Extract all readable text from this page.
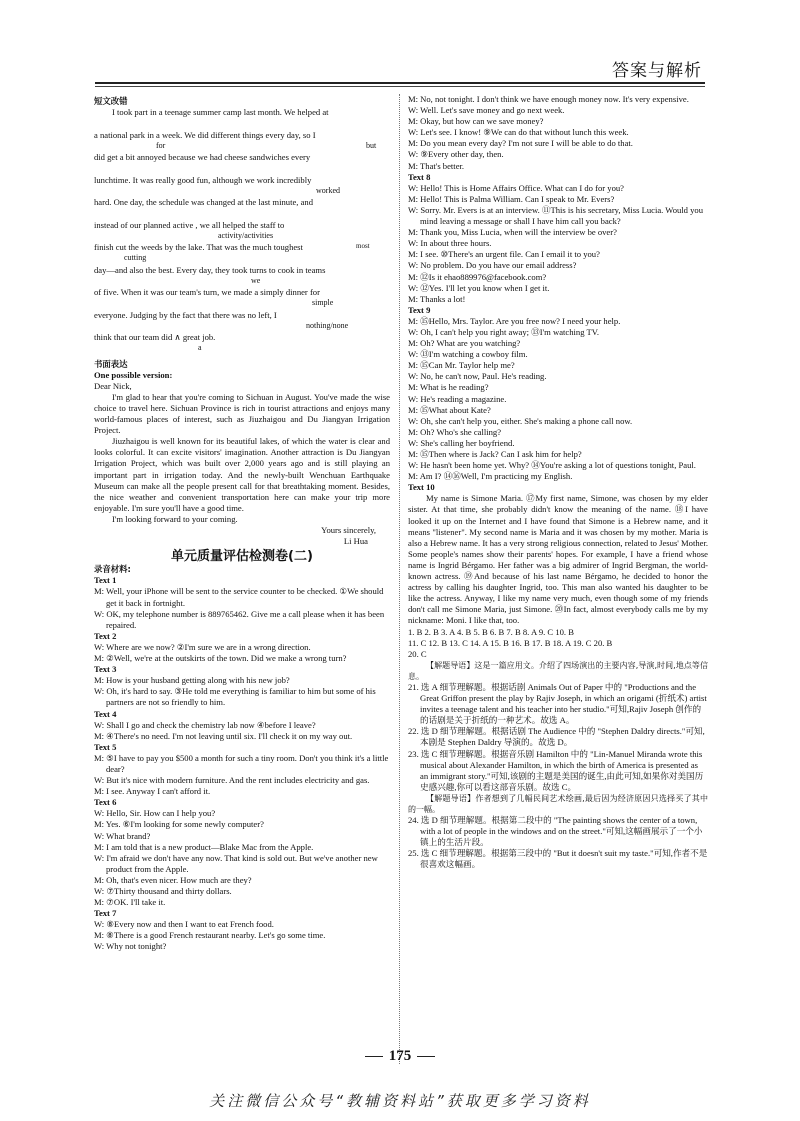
答案与解析
短文改错
I took part in a teenage summer camp last month. We helped at
a national park in a week. We did different things every day, so I
for	but
did get a bit annoyed because we had cheese sandwiches every
lunchtime. It was really good fun, although we work incredibly
worked
hard. One day, the schedule was changed at the last minute, and
instead of our planned active , we all helped the staff to
activity/activities
finish cut the weeds by the lake. That was the much toughest
cutting
most
day—and also the best. Every day, they took turns to cook in teams
we
of five. When it was our team's turn, we made a simply dinner for
simple
everyone. Judging by the fact that there was no left, I
nothing/none
think that our team did ∧ great job.
a
书面表达
One possible version:
Dear Nick,
I'm glad to hear that you're coming to Sichuan in August. You've made the wise choice to travel here. Sichuan Province is rich in tourist attractions and enjoys many world-famous places of interest, such as Jiuzhaigou and Du Jiangyan Irrigation Project.
Jiuzhaigou is well known for its beautiful lakes, of which the water is clear and looks colorful. It can excite visitors' imagination. Another attraction is Du Jiangyan Irrigation Project, which was built over 2,000 years ago and is still playing an important part in irrigation today. And the newly-built Wenchuan Earthquake Museum can make all the people present call for that breathtaking moment. Besides, the nice weather and convenient transportation here can make your trip more enjoyable. I'm sure you'll have a good time.
I'm looking forward to your coming.
Yours sincerely,
Li Hua
单元质量评估检测卷(二)
录音材料:
Text 1
M: Well, your iPhone will be sent to the service counter to be checked. ①We should get it back in fortnight.
W: OK, my telephone number is 889765462. Give me a call please when it has been repaired.
Text 2
W: Where are we now? ②I'm sure we are in a wrong direction.
M: ②Well, we're at the outskirts of the town. Did we make a wrong turn?
Text 3
M: How is your husband getting along with his new job?
W: Oh, it's hard to say. ③He told me everything is familiar to him but some of his partners are not so friendly to him.
Text 4
W: Shall I go and check the chemistry lab now ④before I leave?
M: ④There's no need. I'm not leaving until six. I'll check it on my way out.
Text 5
M: ⑤I have to pay you $500 a month for such a tiny room. Don't you think it's a little dear?
W: But it's nice with modern furniture. And the rent includes electricity and gas.
M: I see. Anyway I can't afford it.
Text 6
W: Hello, Sir. How can I help you?
M: Yes. ⑥I'm looking for some newly computer?
W: What brand?
M: I am told that is a new product—Blake Mac from the Apple.
W: I'm afraid we don't have any now. That kind is sold out. But we've another new product from the Apple.
M: Oh, that's even nicer. How much are they?
W: ⑦Thirty thousand and thirty dollars.
M: ⑦OK. I'll take it.
Text 7
W: ⑧Every now and then I want to eat French food.
M: ⑧There is a good French restaurant nearby. Let's go some time.
W: Why not tonight?
M: No, not tonight. I don't think we have enough money now. It's very expensive.
W: Well. Let's save money and go next week.
M: Okay, but how can we save money?
W: Let's see. I know! ⑨We can do that without lunch this week.
M: Do you mean every day? I'm not sure I will be able to do that.
W: ⑨Every other day, then.
M: That's better.
Text 8
W: Hello! This is Home Affairs Office. What can I do for you?
M: Hello! This is Palma William. Can I speak to Mr. Evers?
W: Sorry. Mr. Evers is at an interview. ⑪This is his secretary, Miss Lucia. Would you mind leaving a message or shall I have him call you back?
M: Thank you, Miss Lucia, when will the interview be over?
W: In about three hours.
M: I see. ⑩There's an urgent file. Can I email it to you?
W: No problem. Do you have our email address?
M: ⑫Is it ehao889976@facebook.com?
W: ⑫Yes. I'll let you know when I get it.
M: Thanks a lot!
Text 9
M: ⑮Hello, Mrs. Taylor. Are you free now? I need your help.
W: Oh, I can't help you right away; ⑬I'm watching TV.
M: Oh? What are you watching?
W: ⑬I'm watching a cowboy film.
M: ⑮Can Mr. Taylor help me?
W: No, he can't now, Paul. He's reading.
M: What is he reading?
W: He's reading a magazine.
M: ⑮What about Kate?
W: Oh, she can't help you, either. She's making a phone call now.
M: Oh? Who's she calling?
W: She's calling her boyfriend.
M: ⑮Then where is Jack? Can I ask him for help?
W: He hasn't been home yet. Why? ⑭You're asking a lot of questions tonight, Paul.
M: Am I? ⑭⑯Well, I'm practicing my English.
Text 10
My name is Simone Maria. ⑰My first name, Simone, was chosen by my elder sister. At that time, she probably didn't know the meaning of the name. ⑱I have looked it up on the Internet and I have found that Simone is a Hebrew name, and it means "listener". My second name is Maria and it was chosen by my mother. Maria is also a Hebrew name. It has a very strong religious connection, related to Jesus' Mother. Some people's names show their parents' hopes. For example, I have a friend whose name is Ingrid Bérgamo. Her father was a big admirer of Ingrid Bergman, the world-known actress. ⑲And because of his last name Bérgamo, he decided to honor the actress by calling his daughter Ingrid, too. This man also wanted his daughter to be like the actress. Anyway, I like my name very much, even though some of my friends don't call me Simone Maria, just Simone. ⑳In fact, almost everybody calls me by my nickname: Moni. I like that, too.
1. B 2. B 3. A 4. B 5. B 6. B 7. B 8. A 9. C 10. B
11. C 12. B 13. C 14. A 15. B 16. B 17. B 18. A 19. C 20. B
20. C
【解题导语】这是一篇应用文。介绍了四场演出的主要内容,导演,时间,地点等信息。
21. 选 A 细节理解题。根据话剧 Animals Out of Paper 中的 "Productions and the Great Griffon present the play by Rajiv Joseph, in which an origami (折纸术) artist invites a teenage talent and his teacher into her studio."可知,Rajiv Joseph 创作的的话剧是关于折纸的一种艺术。故选 A。
22. 选 D 细节理解题。根据话剧 The Audience 中的 "Stephen Daldry directs."可知,本剧是 Stephen Daldry 导演的。故选 D。
23. 选 C 细节理解题。根据音乐剧 Hamilton 中的 "Lin-Manuel Miranda wrote this musical about Alexander Hamilton, in which the birth of America is presented as an immigrant story."可知,该剧的主题是美国的诞生,由此可知,如果你对美国历史感兴趣,你可以看这部音乐剧。故选 C。
【解题导语】作者想到了几幅民间艺术绘画,最后因为经济原因只选择买了其中的一幅。
24. 选 D 细节理解题。根据第二段中的 "The painting shows the center of a town, with a lot of people in the windows and on the street."可知,这幅画展示了一个小镇上的生活片段。
25. 选 C 细节理解题。根据第三段中的 "But it doesn't suit my taste."可知,作者不是很喜欢这幅画。
175
关注微信公众号“教辅资料站”获取更多学习资料
